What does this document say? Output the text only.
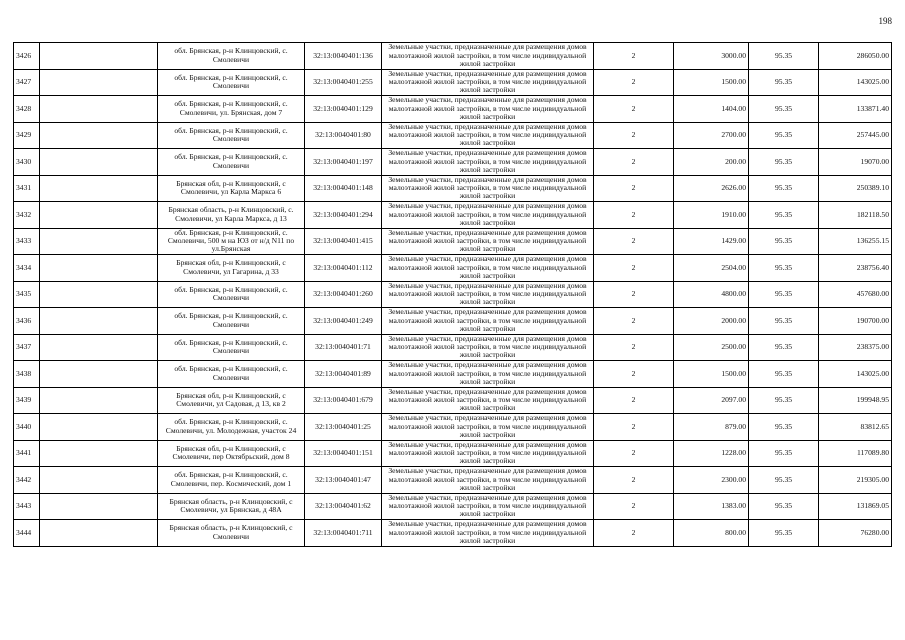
198
3426		обл. Брянская, р-н Клинцовский, с. Смолевичи	32:13:0040401:136	Земельные участки, предназначенные для размещения домов малоэтажной жилой застройки, в том числе индивидуальной жилой застройки	2	3000.00	95.35	286050.00
3427		обл. Брянская, р-н Клинцовский, с. Смолевичи	32:13:0040401:255	Земельные участки, предназначенные для размещения домов малоэтажной жилой застройки, в том числе индивидуальной жилой застройки	2	1500.00	95.35	143025.00
3428		обл. Брянская, р-н Клинцовский, с. Смолевичи, ул. Брянская, дом 7	32:13:0040401:129	Земельные участки, предназначенные для размещения домов малоэтажной жилой застройки, в том числе индивидуальной жилой застройки	2	1404.00	95.35	133871.40
3429		обл. Брянская, р-н Клинцовский, с. Смолевичи	32:13:0040401:80	Земельные участки, предназначенные для размещения домов малоэтажной жилой застройки, в том числе индивидуальной жилой застройки	2	2700.00	95.35	257445.00
3430		обл. Брянская, р-н Клинцовский, с. Смолевичи	32:13:0040401:197	Земельные участки, предназначенные для размещения домов малоэтажной жилой застройки, в том числе индивидуальной жилой застройки	2	200.00	95.35	19070.00
3431		Брянская обл, р-н Клинцовский, с Смолевичи, ул Карла Маркса 6	32:13:0040401:148	Земельные участки, предназначенные для размещения домов малоэтажной жилой застройки, в том числе индивидуальной жилой застройки	2	2626.00	95.35	250389.10
3432		Брянская область, р-н Клинцовский, с. Смолевичи, ул Карла Маркса, д 13	32:13:0040401:294	Земельные участки, предназначенные для размещения домов малоэтажной жилой застройки, в том числе индивидуальной жилой застройки	2	1910.00	95.35	182118.50
3433		обл. Брянская, р-н Клинцовский, с. Смолевичи, 500 м на ЮЗ от н/д N11 по ул.Брянская	32:13:0040401:415	Земельные участки, предназначенные для размещения домов малоэтажной жилой застройки, в том числе индивидуальной жилой застройки	2	1429.00	95.35	136255.15
3434		Брянская обл, р-н Клинцовский, с Смолевичи, ул Гагарина, д 33	32:13:0040401:112	Земельные участки, предназначенные для размещения домов малоэтажной жилой застройки, в том числе индивидуальной жилой застройки	2	2504.00	95.35	238756.40
3435		обл. Брянская, р-н Клинцовский, с. Смолевичи	32:13:0040401:260	Земельные участки, предназначенные для размещения домов малоэтажной жилой застройки, в том числе индивидуальной жилой застройки	2	4800.00	95.35	457680.00
3436		обл. Брянская, р-н Клинцовский, с. Смолевичи	32:13:0040401:249	Земельные участки, предназначенные для размещения домов малоэтажной жилой застройки, в том числе индивидуальной жилой застройки	2	2000.00	95.35	190700.00
3437		обл. Брянская, р-н Клинцовский, с. Смолевичи	32:13:0040401:71	Земельные участки, предназначенные для размещения домов малоэтажной жилой застройки, в том числе индивидуальной жилой застройки	2	2500.00	95.35	238375.00
3438		обл. Брянская, р-н Клинцовский, с. Смолевичи	32:13:0040401:89	Земельные участки, предназначенные для размещения домов малоэтажной жилой застройки, в том числе индивидуальной жилой застройки	2	1500.00	95.35	143025.00
3439		Брянская обл, р-н Клинцовский, с Смолевичи, ул Садовая, д 13, кв 2	32:13:0040401:679	Земельные участки, предназначенные для размещения домов малоэтажной жилой застройки, в том числе индивидуальной жилой застройки	2	2097.00	95.35	199948.95
3440		обл. Брянская, р-н Клинцовский, с. Смолевичи, ул. Молодежная, участок 24	32:13:0040401:25	Земельные участки, предназначенные для размещения домов малоэтажной жилой застройки, в том числе индивидуальной жилой застройки	2	879.00	95.35	83812.65
3441		Брянская обл, р-н Клинцовский, с Смолевичи, пер Октябрьский, дом 8	32:13:0040401:151	Земельные участки, предназначенные для размещения домов малоэтажной жилой застройки, в том числе индивидуальной жилой застройки	2	1228.00	95.35	117089.80
3442		обл. Брянская, р-н Клинцовский, с. Смолевичи, пер. Космический, дом 1	32:13:0040401:47	Земельные участки, предназначенные для размещения домов малоэтажной жилой застройки, в том числе индивидуальной жилой застройки	2	2300.00	95.35	219305.00
3443		Брянская область, р-н Клинцовский, с Смолевичи, ул Брянская, д 48А	32:13:0040401:62	Земельные участки, предназначенные для размещения домов малоэтажной жилой застройки, в том числе индивидуальной жилой застройки	2	1383.00	95.35	131869.05
3444		Брянская область, р-н Клинцовский, с Смолевичи	32:13:0040401:711	Земельные участки, предназначенные для размещения домов малоэтажной жилой застройки, в том числе индивидуальной жилой застройки	2	800.00	95.35	76280.00
